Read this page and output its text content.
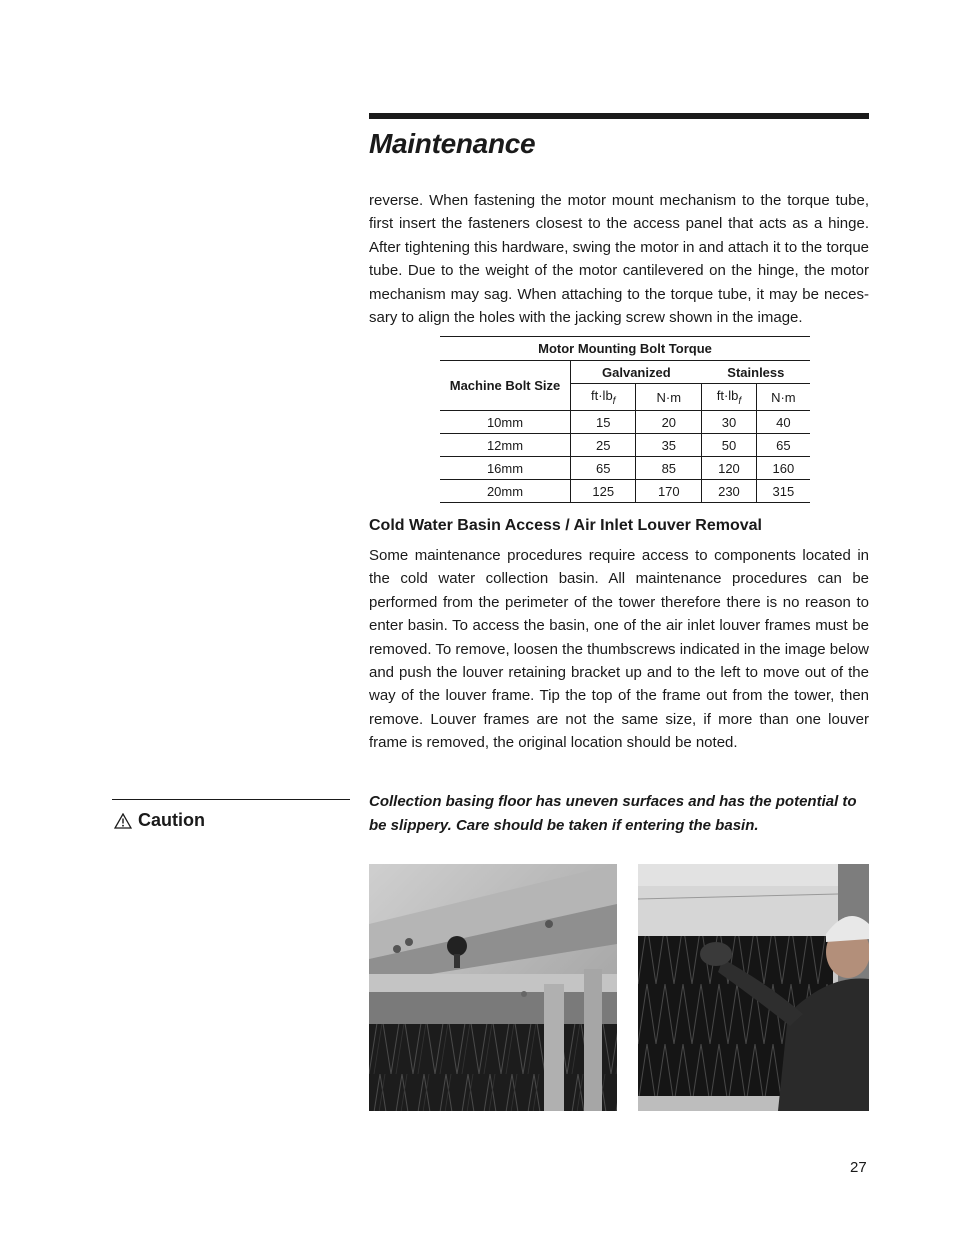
Maintenance

reverse. When fastening the motor mount mechanism to the torque tube, first insert the fasteners closest to the access panel that acts as a hinge. After tightening this hardware, swing the motor in and attach it to the torque tube. Due to the weight of the motor cantilevered on the hinge, the motor mechanism may sag. When attaching to the torque tube, it may be neces-sary to align the holes with the jacking screw shown in the image.

Motor Mounting Bolt Torque				
Machine Bolt Size	Galvanized		Stainless	
	$ft\cdot lb_f$	N·m	$ft\cdot lb_f$	N·m
10mm	15	20	30	40
12mm	25	35	50	65
16mm	65	85	120	160
20mm	125	170	230	315
Cold Water Basin Access / Air Inlet Louver Removal

Some maintenance procedures require access to components located in the cold water collection basin. All maintenance procedures can be performed from the perimeter of the tower therefore there is no reason to enter basin. To access the basin, one of the air inlet louver frames must be removed. To remove, loosen the thumbscrews indicated in the image below and push the louver retaining bracket up and to the left to move out of the way of the louver frame. Tip the top of the frame out from the tower, then remove. Louver frames are not the same size, if more than one louver frame is removed, the original location should be noted.

Caution

Collection basing floor has uneven surfaces and has the potential to be slippery. Care should be taken if entering the basin.

27
